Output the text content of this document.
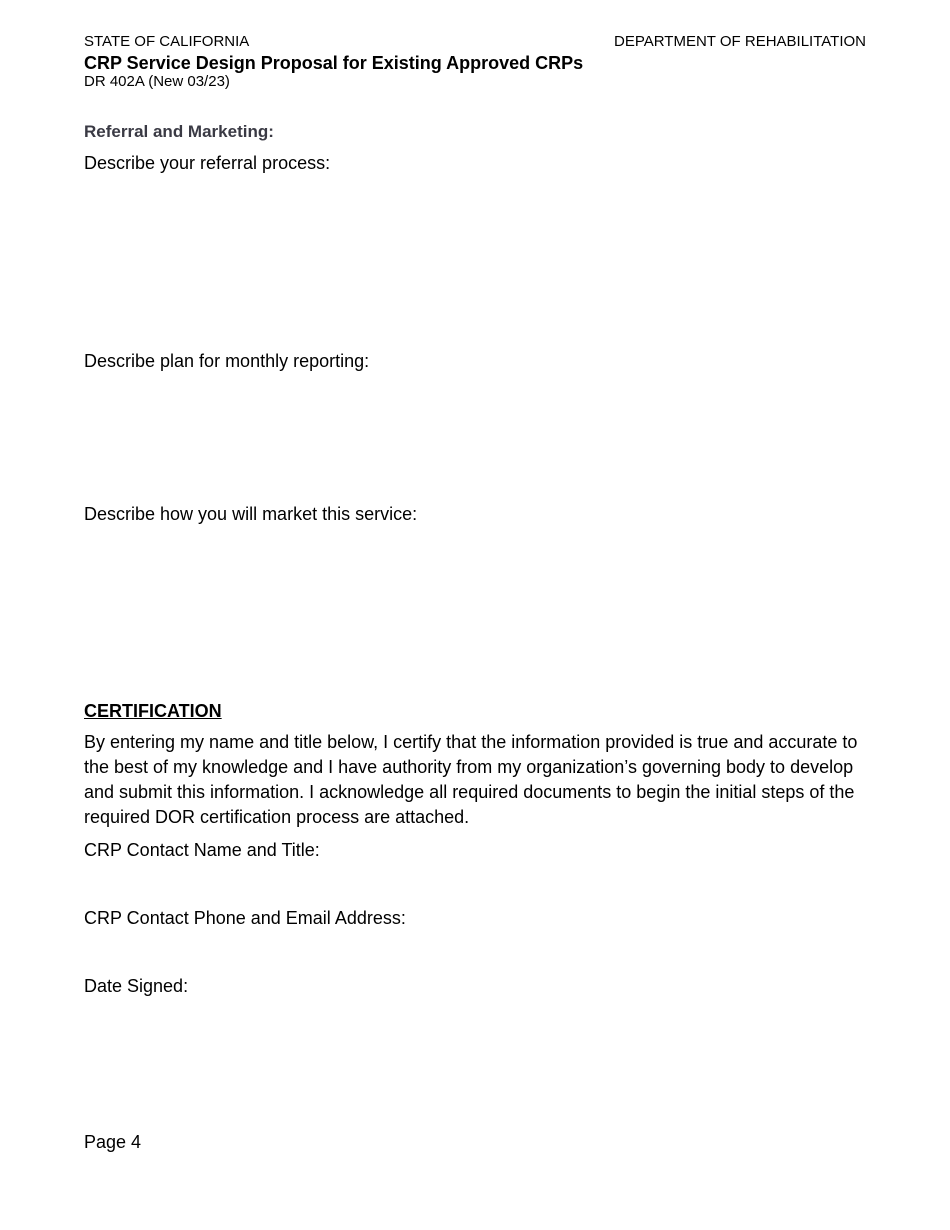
STATE OF CALIFORNIA	DEPARTMENT OF REHABILITATION
CRP Service Design Proposal for Existing Approved CRPs
DR 402A (New 03/23)
Referral and Marketing:
Describe your referral process:
Describe plan for monthly reporting:
Describe how you will market this service:
CERTIFICATION
By entering my name and title below, I certify that the information provided is true and accurate to the best of my knowledge and I have authority from my organization’s governing body to develop and submit this information. I acknowledge all required documents to begin the initial steps of the required DOR certification process are attached.
CRP Contact Name and Title:
CRP Contact Phone and Email Address:
Date Signed:
Page 4
